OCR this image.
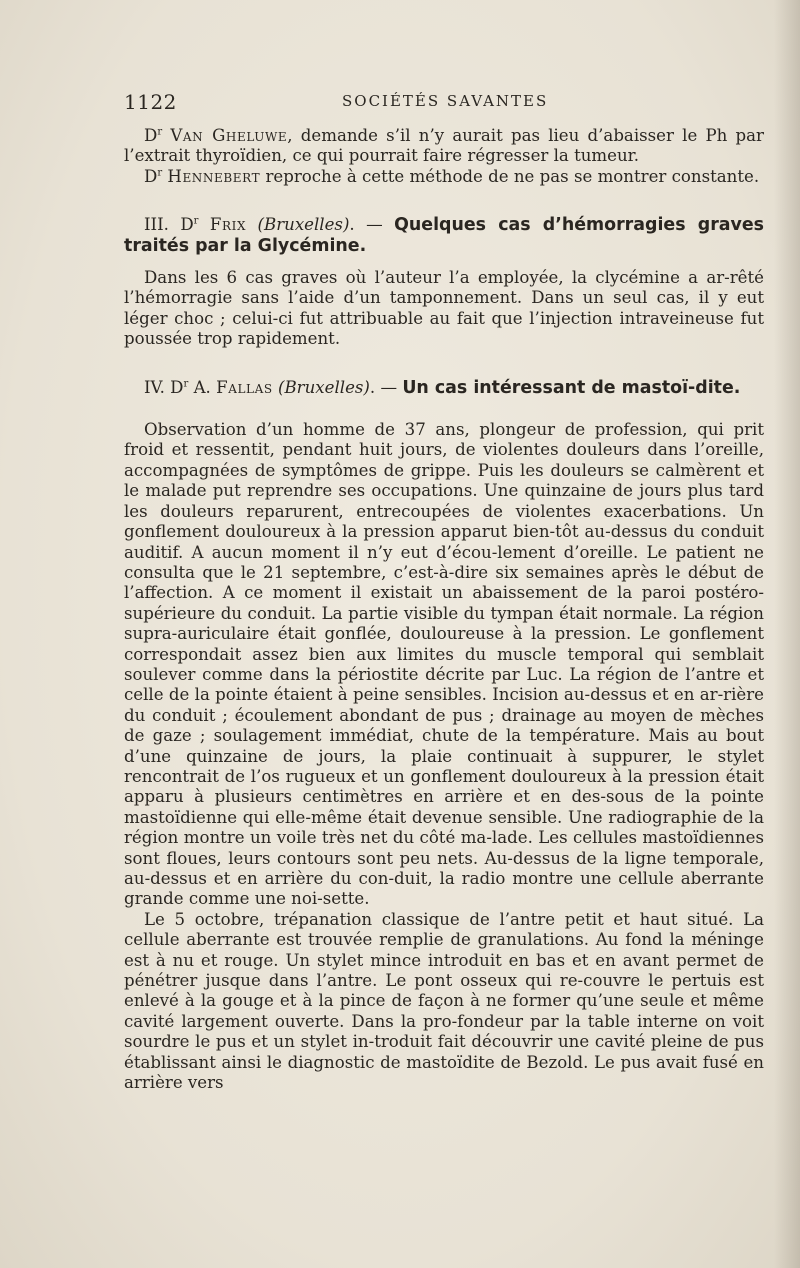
1122	SOCIÉTÉS SAVANTES

$D^r$ Van Gheluwe, demande s’il n’y aurait pas lieu d’abaisser le Ph par l’extrait thyroïdien, ce qui pourrait faire régresser la tumeur.

$D^r$ Hennebert reproche à cette méthode de ne pas se montrer constante.

III. $D^r$ Frix (Bruxelles). — Quelques cas d’hémorragies graves traités par la Glycémine.

Dans les 6 cas graves où l’auteur l’a employée, la clycémine a ar-rêté l’hémorragie sans l’aide d’un tamponnement. Dans un seul cas, il y eut léger choc ; celui-ci fut attribuable au fait que l’injection intraveineuse fut poussée trop rapidement.

IV. $D^r$ A. Fallas (Bruxelles). — Un cas intéressant de mastoï-dite.

Observation d’un homme de 37 ans, plongeur de profession, qui prit froid et ressentit, pendant huit jours, de violentes douleurs dans l’oreille, accompagnées de symptômes de grippe. Puis les douleurs se calmèrent et le malade put reprendre ses occupations. Une quinzaine de jours plus tard les douleurs reparurent, entrecoupées de violentes exacerbations. Un gonflement douloureux à la pression apparut bien-tôt au-dessus du conduit auditif. A aucun moment il n’y eut d’écou-lement d’oreille. Le patient ne consulta que le 21 septembre, c’est-à-dire six semaines après le début de l’affection. A ce moment il existait un abaissement de la paroi postéro-supérieure du conduit. La partie visible du tympan était normale. La région supra-auriculaire était gonflée, douloureuse à la pression. Le gonflement correspondait assez bien aux limites du muscle temporal qui semblait soulever comme dans la périostite décrite par Luc. La région de l’antre et celle de la pointe étaient à peine sensibles. Incision au-dessus et en ar-rière du conduit ; écoulement abondant de pus ; drainage au moyen de mèches de gaze ; soulagement immédiat, chute de la température. Mais au bout d’une quinzaine de jours, la plaie continuait à suppurer, le stylet rencontrait de l’os rugueux et un gonflement douloureux à la pression était apparu à plusieurs centimètres en arrière et en des-sous de la pointe mastoïdienne qui elle-même était devenue sensible. Une radiographie de la région montre un voile très net du côté ma-lade. Les cellules mastoïdiennes sont floues, leurs contours sont peu nets. Au-dessus de la ligne temporale, au-dessus et en arrière du con-duit, la radio montre une cellule aberrante grande comme une noi-sette.

Le 5 octobre, trépanation classique de l’antre petit et haut situé. La cellule aberrante est trouvée remplie de granulations. Au fond la méninge est à nu et rouge. Un stylet mince introduit en bas et en avant permet de pénétrer jusque dans l’antre. Le pont osseux qui re-couvre le pertuis est enlevé à la gouge et à la pince de façon à ne former qu’une seule et même cavité largement ouverte. Dans la pro-fondeur par la table interne on voit sourdre le pus et un stylet in-troduit fait découvrir une cavité pleine de pus établissant ainsi le diagnostic de mastoïdite de Bezold. Le pus avait fusé en arrière vers
